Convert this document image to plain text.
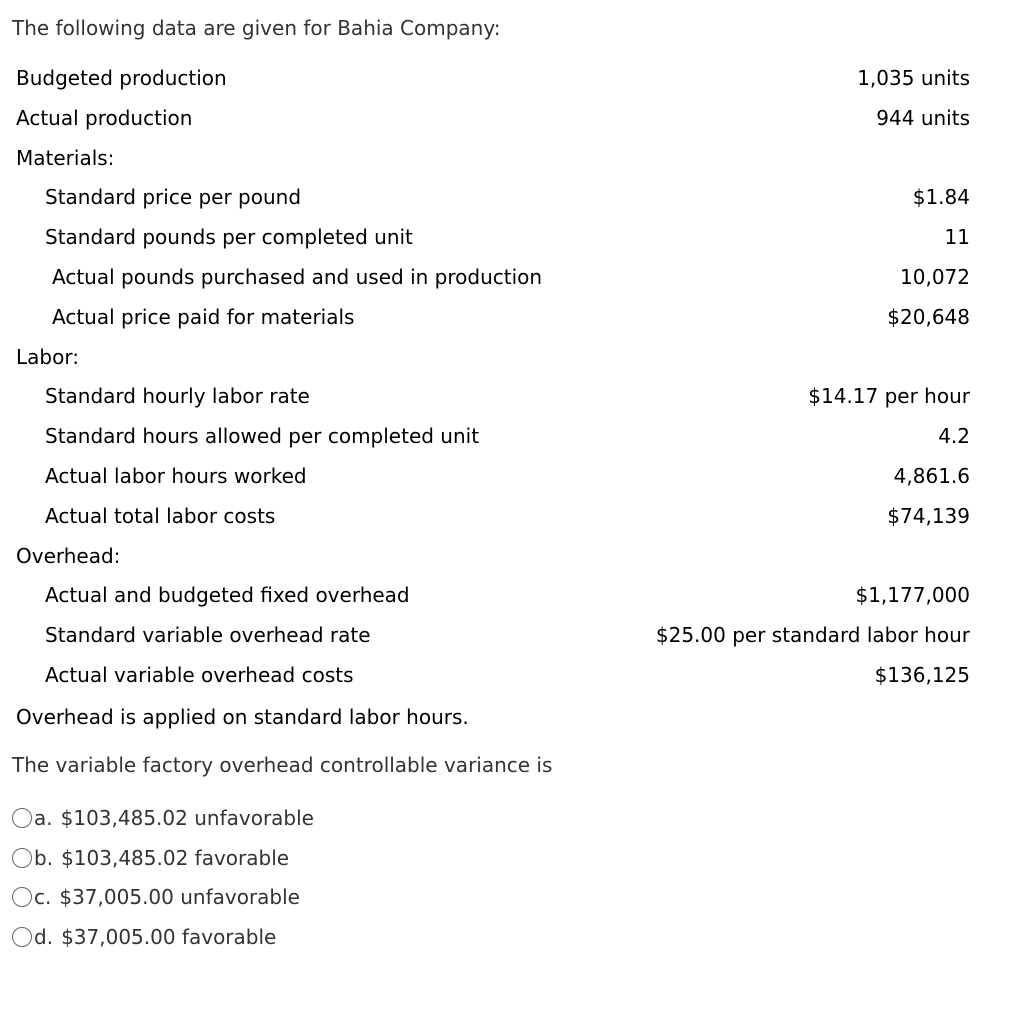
The following data are given for Bahia Company:
Budgeted production	1,035 units
Actual production	944 units
Materials:
Standard price per pound	$1.84
Standard pounds per completed unit	11
Actual pounds purchased and used in production	10,072
Actual price paid for materials	$20,648
Labor:
Standard hourly labor rate	$14.17 per hour
Standard hours allowed per completed unit	4.2
Actual labor hours worked	4,861.6
Actual total labor costs	$74,139
Overhead:
Actual and budgeted fixed overhead	$1,177,000
Standard variable overhead rate	$25.00 per standard labor hour
Actual variable overhead costs	$136,125
Overhead is applied on standard labor hours.
The variable factory overhead controllable variance is
a. $103,485.02 unfavorable
b. $103,485.02 favorable
c. $37,005.00 unfavorable
d. $37,005.00 favorable
